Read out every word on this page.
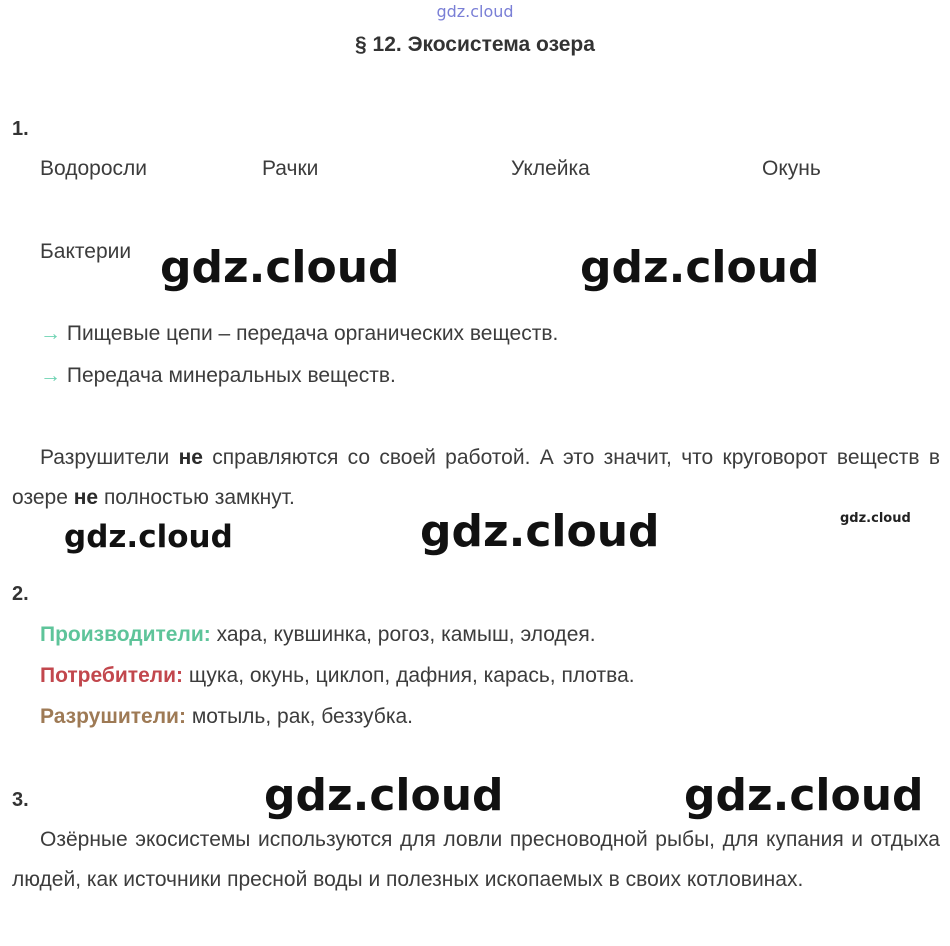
gdz.cloud
§ 12. Экосистема озера
1.
Водоросли	Рачки	Уклейка	Окунь
Бактерии gdz.cloud	gdz.cloud
→ Пищевые цепи – передача органических веществ.
→ Передача минеральных веществ.
Разрушители не справляются со своей работой. А это значит, что круговорот веществ в озере не полностью замкнут.
gdz.cloud	gdz.cloud	gdz.cloud
2.
Производители: хара, кувшинка, рогоз, камыш, элодея.
Потребители: щука, окунь, циклоп, дафния, карась, плотва.
Разрушители: мотыль, рак, беззубка.
3.	gdz.cloud	gdz.cloud
Озёрные экосистемы используются для ловли пресноводной рыбы, для купания и отдыха людей, как источники пресной воды и полезных ископаемых в своих котловинах.
